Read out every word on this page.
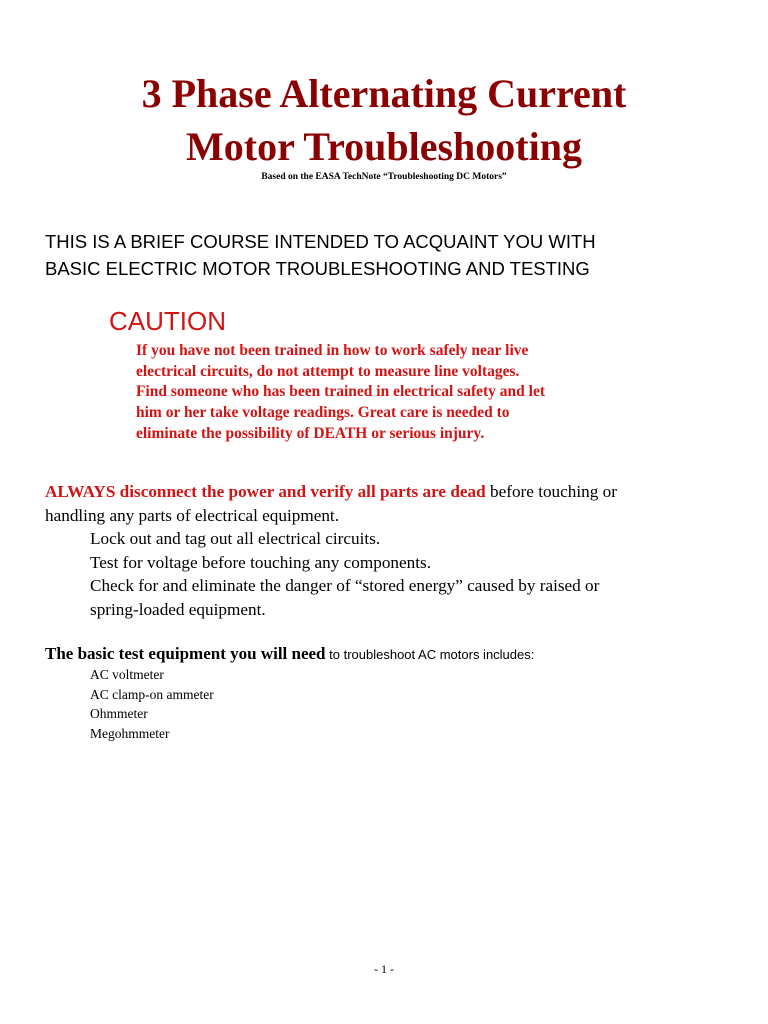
3 Phase Alternating Current
Motor Troubleshooting
Based on the EASA TechNote “Troubleshooting DC Motors”
THIS IS A BRIEF COURSE INTENDED TO ACQUAINT YOU WITH
BASIC ELECTRIC MOTOR TROUBLESHOOTING AND TESTING
CAUTION
If you have not been trained in how to work safely near live
electrical circuits, do not attempt to measure line voltages.
Find someone who has been trained in electrical safety and let
him or her take voltage readings. Great care is needed to
eliminate the possibility of DEATH or serious injury.
ALWAYS disconnect the power and verify all parts are dead before touching or
handling any parts of electrical equipment.
Lock out and tag out all electrical circuits.
Test for voltage before touching any components.
Check for and eliminate the danger of “stored energy” caused by raised or
spring-loaded equipment.
The basic test equipment you will need to troubleshoot AC motors includes:
AC voltmeter
AC clamp-on ammeter
Ohmmeter
Megohmmeter
- 1 -
